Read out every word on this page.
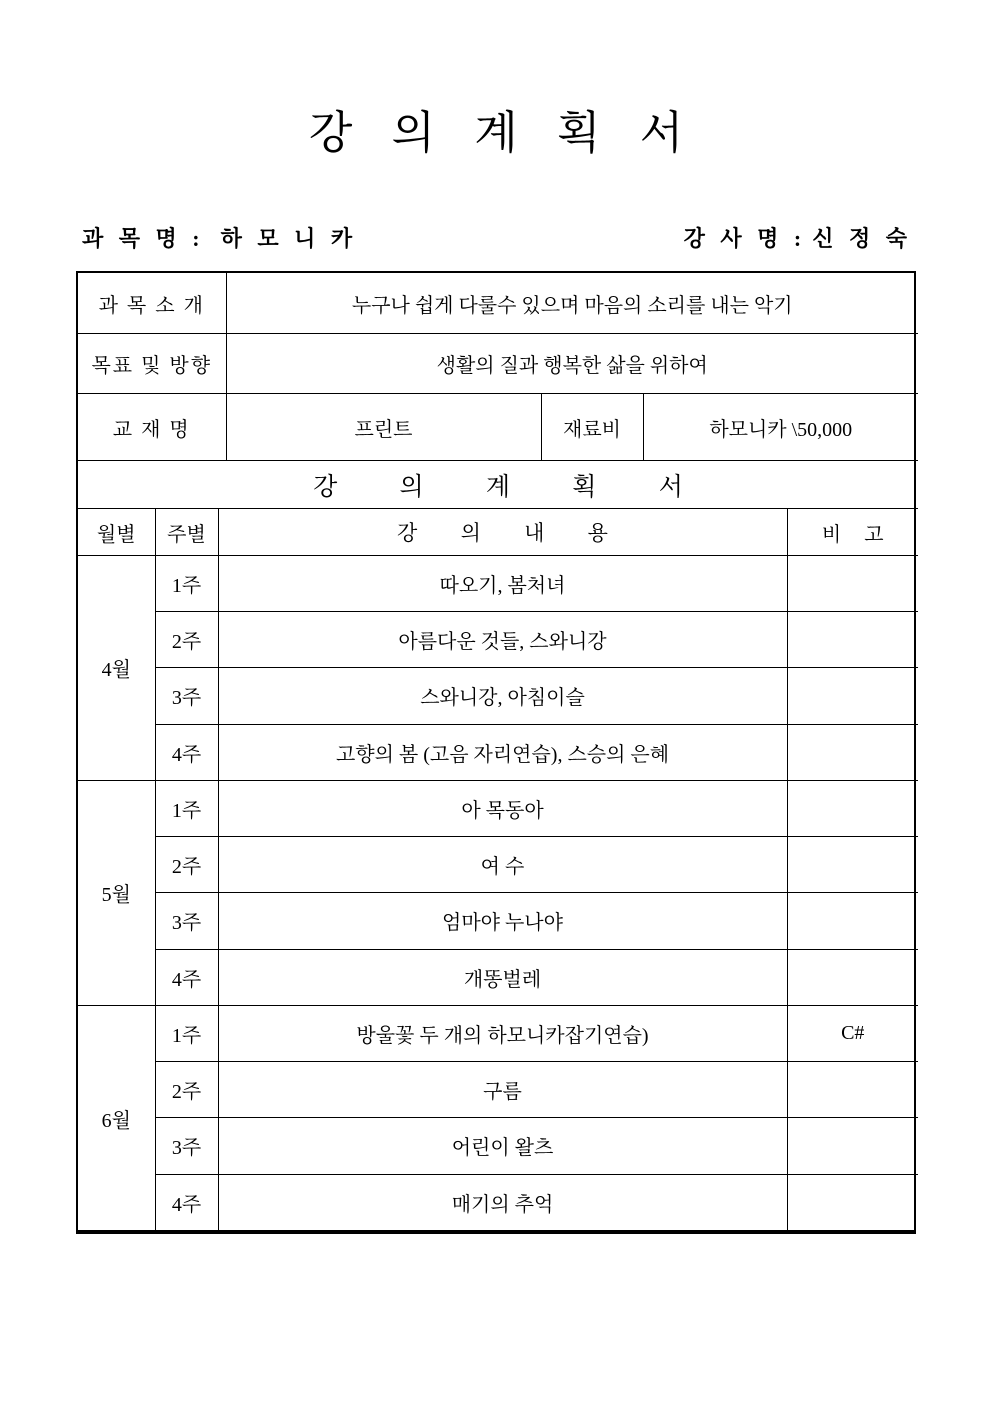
강 의 계 획 서
과 목 명 : 하 모 니 카	강 사 명 : 신 정 숙
과 목 소 개	누구나 쉽게 다룰수 있으며 마음의 소리를 내는 악기		
목표 및 방향	생활의 질과 행복한 삶을 위하여		
교 재 명	프린트	재료비	하모니카 \50,000
강 의 계 획 서			
월별	주별	강 의 내 용	비 고
4월	1주	따오기, 봄처녀	
	2주	아름다운 것들, 스와니강	
	3주	스와니강, 아침이슬	
	4주	고향의 봄 (고음 자리연습), 스승의 은혜	
5월	1주	아 목동아	
	2주	여 수	
	3주	엄마야 누나야	
	4주	개똥벌레	
6월	1주	방울꽃 두 개의 하모니카잡기연습)	C#
	2주	구름	
	3주	어린이 왈츠	
	4주	매기의 추억	
